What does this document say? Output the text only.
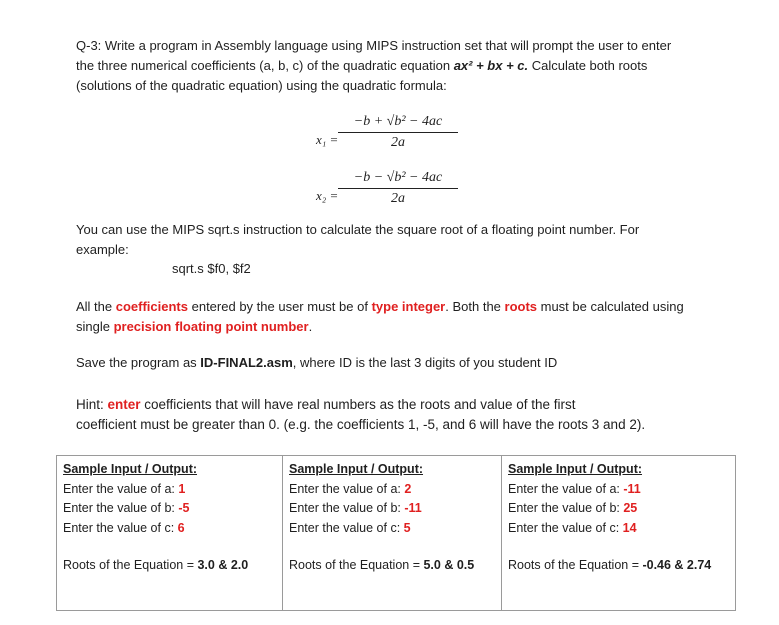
Q-3: Write a program in Assembly language using MIPS instruction set that will prompt the user to enter
the three numerical coefficients (a, b, c) of the quadratic equation ax² + bx + c. Calculate both roots
(solutions of the quadratic equation) using the quadratic formula:
x₁ =
−b + √b² − 4ac
2a
x₂ =
−b − √b² − 4ac
2a
You can use the MIPS sqrt.s instruction to calculate the square root of a floating point number. For
example:
sqrt.s $f0, $f2
All the coefficients entered by the user must be of type integer. Both the roots must be calculated using
single precision floating point number.
Save the program as ID-FINAL2.asm, where ID is the last 3 digits of you student ID
Hint: enter coefficients that will have real numbers as the roots and value of the first
coefficient must be greater than 0. (e.g. the coefficients 1, -5, and 6 will have the roots 3 and 2).
Sample Input / Output:
Enter the value of a: 1
Enter the value of b: -5
Enter the value of c: 6
Roots of the Equation = 3.0 & 2.0

Sample Input / Output:
Enter the value of a: 2
Enter the value of b: -11
Enter the value of c: 5
Roots of the Equation = 5.0 & 0.5

Sample Input / Output:
Enter the value of a: -11
Enter the value of b: 25
Enter the value of c: 14
Roots of the Equation = -0.46 & 2.74
